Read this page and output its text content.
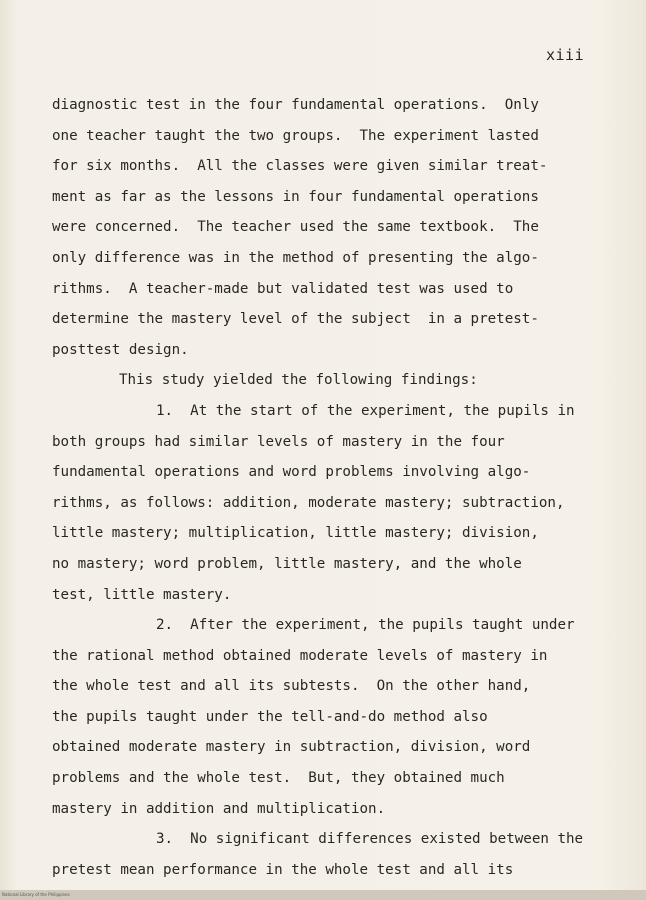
xiii
diagnostic test in the four fundamental operations.  Only
one teacher taught the two groups.  The experiment lasted
for six months.  All the classes were given similar treat-
ment as far as the lessons in four fundamental operations
were concerned.  The teacher used the same textbook.  The
only difference was in the method of presenting the algo-
rithms.  A teacher-made but validated test was used to
determine the mastery level of the subject  in a pretest-
posttest design.
This study yielded the following findings:
1.  At the start of the experiment, the pupils in
both groups had similar levels of mastery in the four
fundamental operations and word problems involving algo-
rithms, as follows: addition, moderate mastery; subtraction,
little mastery; multiplication, little mastery; division,
no mastery; word problem, little mastery, and the whole
test, little mastery.
2.  After the experiment, the pupils taught under
the rational method obtained moderate levels of mastery in
the whole test and all its subtests.  On the other hand,
the pupils taught under the tell-and-do method also
obtained moderate mastery in subtraction, division, word
problems and the whole test.  But, they obtained much
mastery in addition and multiplication.
3.  No significant differences existed between the
pretest mean performance in the whole test and all its
National Library of the Philippines
